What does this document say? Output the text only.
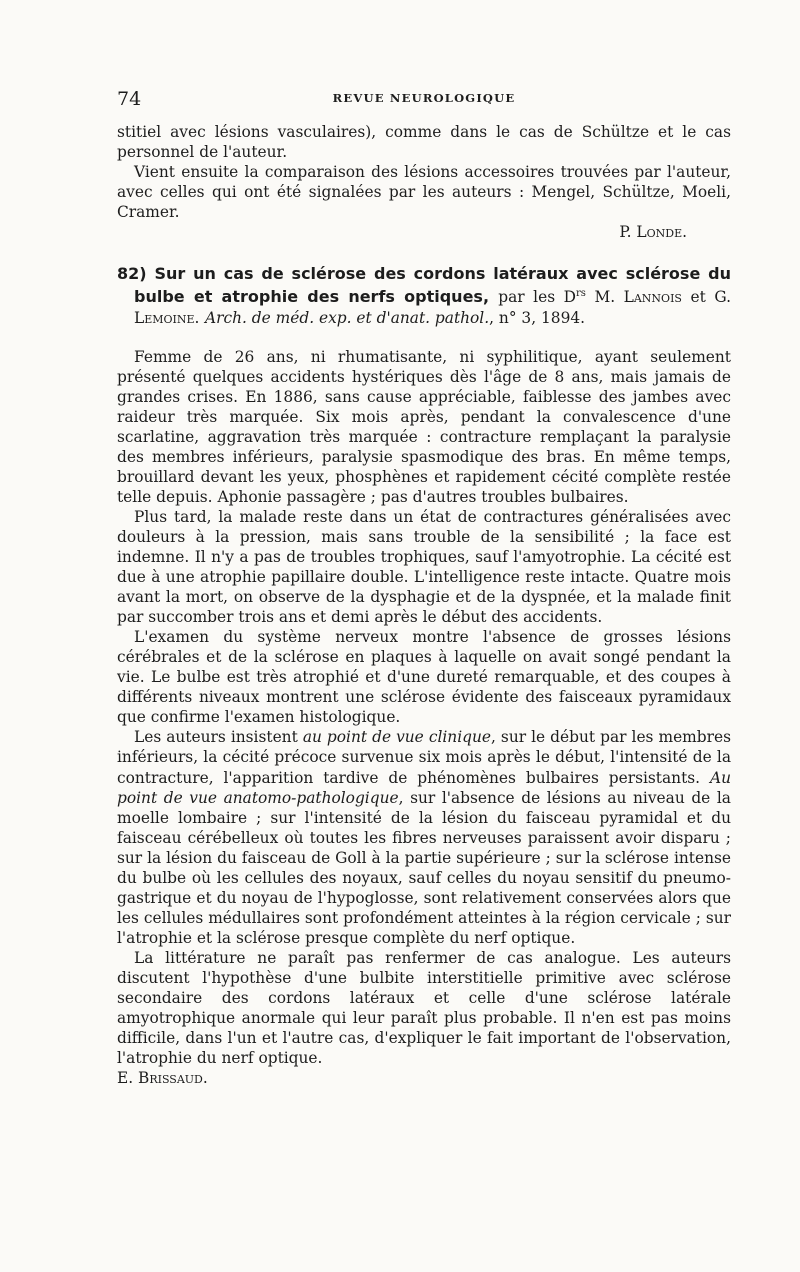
74	REVUE NEUROLOGIQUE

stitiel avec lésions vasculaires), comme dans le cas de Schültze et le cas personnel de l'auteur.

Vient ensuite la comparaison des lésions accessoires trouvées par l'auteur, avec celles qui ont été signalées par les auteurs : Mengel, Schültze, Moeli, Cramer.

P. Londe.

82) Sur un cas de sclérose des cordons latéraux avec sclérose du bulbe et atrophie des nerfs optiques, par les $D^{rs}$ M. Lannois et G. Lemoine. Arch. de méd. exp. et d'anat. pathol., n° 3, 1894.

Femme de 26 ans, ni rhumatisante, ni syphilitique, ayant seulement présenté quelques accidents hystériques dès l'âge de 8 ans, mais jamais de grandes crises. En 1886, sans cause appréciable, faiblesse des jambes avec raideur très marquée. Six mois après, pendant la convalescence d'une scarlatine, aggravation très marquée : contracture remplaçant la paralysie des membres inférieurs, paralysie spasmodique des bras. En même temps, brouillard devant les yeux, phosphènes et rapidement cécité complète restée telle depuis. Aphonie passagère ; pas d'autres troubles bulbaires.

Plus tard, la malade reste dans un état de contractures généralisées avec douleurs à la pression, mais sans trouble de la sensibilité ; la face est indemne. Il n'y a pas de troubles trophiques, sauf l'amyotrophie. La cécité est due à une atrophie papillaire double. L'intelligence reste intacte. Quatre mois avant la mort, on observe de la dysphagie et de la dyspnée, et la malade finit par succomber trois ans et demi après le début des accidents.

L'examen du système nerveux montre l'absence de grosses lésions cérébrales et de la sclérose en plaques à laquelle on avait songé pendant la vie. Le bulbe est très atrophié et d'une dureté remarquable, et des coupes à différents niveaux montrent une sclérose évidente des faisceaux pyramidaux que confirme l'examen histologique.

Les auteurs insistent au point de vue clinique, sur le début par les membres inférieurs, la cécité précoce survenue six mois après le début, l'intensité de la contracture, l'apparition tardive de phénomènes bulbaires persistants. Au point de vue anatomo-pathologique, sur l'absence de lésions au niveau de la moelle lombaire ; sur l'intensité de la lésion du faisceau pyramidal et du faisceau cérébelleux où toutes les fibres nerveuses paraissent avoir disparu ; sur la lésion du faisceau de Goll à la partie supérieure ; sur la sclérose intense du bulbe où les cellules des noyaux, sauf celles du noyau sensitif du pneumo-gastrique et du noyau de l'hypoglosse, sont relativement conservées alors que les cellules médullaires sont profondément atteintes à la région cervicale ; sur l'atrophie et la sclérose presque complète du nerf optique.

La littérature ne paraît pas renfermer de cas analogue. Les auteurs discutent l'hypothèse d'une bulbite interstitielle primitive avec sclérose secondaire des cordons latéraux et celle d'une sclérose latérale amyotrophique anormale qui leur paraît plus probable. Il n'en est pas moins difficile, dans l'un et l'autre cas, d'expliquer le fait important de l'observation, l'atrophie du nerf optique.

E. Brissaud.
